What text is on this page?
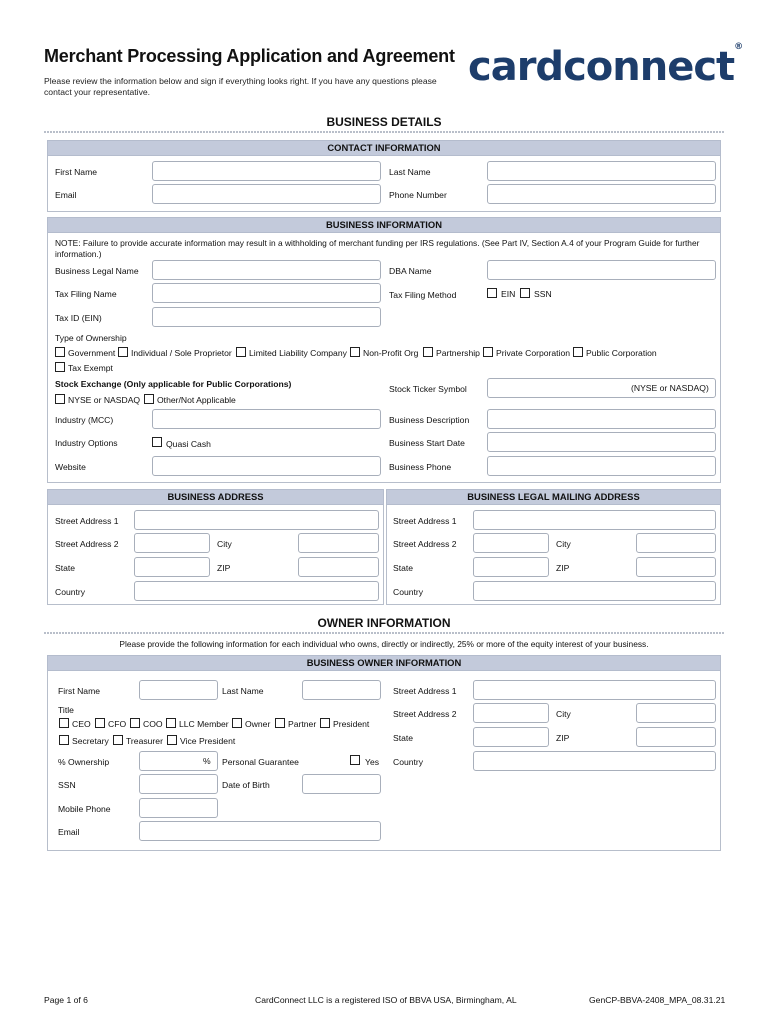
Merchant Processing Application and Agreement
Please review the information below and sign if everything looks right. If you have any questions please contact your representative.
cardconnect®
BUSINESS DETAILS
CONTACT INFORMATION
First Name	Last Name
Email	Phone Number
BUSINESS INFORMATION
NOTE: Failure to provide accurate information may result in a withholding of merchant funding per IRS regulations. (See Part IV, Section A.4 of your Program Guide for further information.)
Business Legal Name	DBA Name
Tax Filing Name	Tax Filing Method	EIN SSN
Tax ID (EIN)
Type of Ownership
Government Individual / Sole Proprietor Limited Liability Company Non-Profit Org Partnership Private Corporation Public Corporation
Tax Exempt
Stock Exchange (Only applicable for Public Corporations)
NYSE or NASDAQ Other/Not Applicable
Stock Ticker Symbol	(NYSE or NASDAQ)
Industry (MCC)	Business Description
Industry Options	Quasi Cash	Business Start Date
Website	Business Phone
BUSINESS ADDRESS	BUSINESS LEGAL MAILING ADDRESS
Street Address 1
Street Address 2	City
State	ZIP
Country
Street Address 1
Street Address 2	City
State	ZIP
Country
OWNER INFORMATION
Please provide the following information for each individual who owns, directly or indirectly, 25% or more of the equity interest of your business.
BUSINESS OWNER INFORMATION
First Name	Last Name
Title
CEO CFO COO LLC Member Owner Partner President
Secretary Treasurer Vice President
% Ownership	% Personal Guarantee	Yes
SSN	Date of Birth
Mobile Phone
Email
Street Address 1
Street Address 2	City
State	ZIP
Country
Page 1 of 6	CardConnect LLC is a registered ISO of BBVA USA, Birmingham, AL	GenCP-BBVA-2408_MPA_08.31.21
